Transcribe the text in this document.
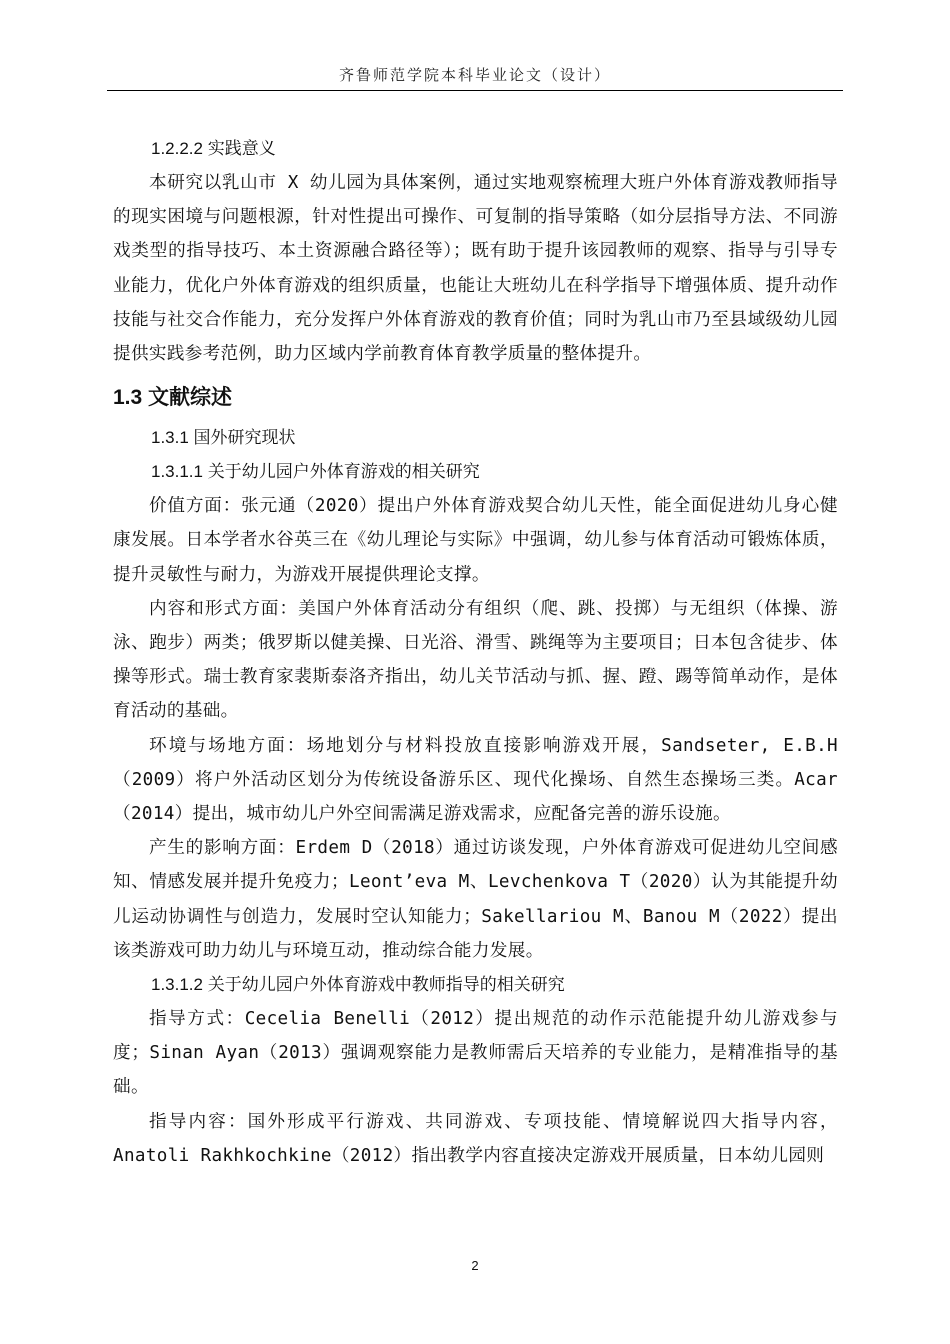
齐鲁师范学院本科毕业论文（设计）
1.2.2.2 实践意义

本研究以乳山市 X 幼儿园为具体案例，通过实地观察梳理大班户外体育游戏教师指导的现实困境与问题根源，针对性提出可操作、可复制的指导策略（如分层指导方法、不同游戏类型的指导技巧、本土资源融合路径等）；既有助于提升该园教师的观察、指导与引导专业能力，优化户外体育游戏的组织质量，也能让大班幼儿在科学指导下增强体质、提升动作技能与社交合作能力，充分发挥户外体育游戏的教育价值；同时为乳山市乃至县域级幼儿园提供实践参考范例，助力区域内学前教育体育教学质量的整体提升。

1.3 文献综述
1.3.1 国外研究现状
1.3.1.1 关于幼儿园户外体育游戏的相关研究

价值方面：张元通（2020）提出户外体育游戏契合幼儿天性，能全面促进幼儿身心健康发展。日本学者水谷英三在《幼儿理论与实际》中强调，幼儿参与体育活动可锻炼体质，提升灵敏性与耐力，为游戏开展提供理论支撑。

内容和形式方面：美国户外体育活动分有组织（爬、跳、投掷）与无组织（体操、游泳、跑步）两类；俄罗斯以健美操、日光浴、滑雪、跳绳等为主要项目；日本包含徒步、体操等形式。瑞士教育家裴斯泰洛齐指出，幼儿关节活动与抓、握、蹬、踢等简单动作，是体育活动的基础。

环境与场地方面：场地划分与材料投放直接影响游戏开展，Sandseter, E.B.H（2009）将户外活动区划分为传统设备游乐区、现代化操场、自然生态操场三类。Acar（2014）提出，城市幼儿户外空间需满足游戏需求，应配备完善的游乐设施。

产生的影响方面：Erdem D（2018）通过访谈发现，户外体育游戏可促进幼儿空间感知、情感发展并提升免疫力；Leont’eva M、Levchenkova T（2020）认为其能提升幼儿运动协调性与创造力，发展时空认知能力；Sakellariou M、Banou M（2022）提出该类游戏可助力幼儿与环境互动，推动综合能力发展。

1.3.1.2 关于幼儿园户外体育游戏中教师指导的相关研究

指导方式：Cecelia Benelli（2012）提出规范的动作示范能提升幼儿游戏参与度；Sinan Ayan（2013）强调观察能力是教师需后天培养的专业能力，是精准指导的基础。

指导内容：国外形成平行游戏、共同游戏、专项技能、情境解说四大指导内容，Anatoli Rakhkochkine（2012）指出教学内容直接决定游戏开展质量，日本幼儿园则

2
